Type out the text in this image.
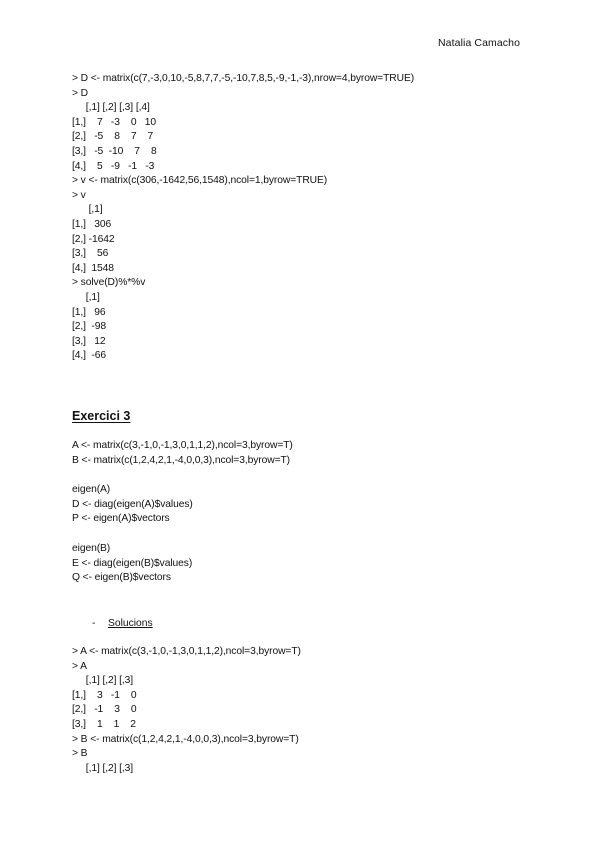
Natalia Camacho
> D <- matrix(c(7,-3,0,10,-5,8,7,7,-5,-10,7,8,5,-9,-1,-3),nrow=4,byrow=TRUE)
> D
[,1] [,2] [,3] [,4]
[1,]    7   -3    0   10
[2,]   -5    8    7    7
[3,]   -5  -10    7    8
[4,]    5   -9   -1   -3
> v <- matrix(c(306,-1642,56,1548),ncol=1,byrow=TRUE)
> v
[,1]
[1,]   306
[2,] -1642
[3,]    56
[4,]  1548
> solve(D)%*%v
[,1]
[1,]   96
[2,]  -98
[3,]   12
[4,]  -66
Exercici 3
A <- matrix(c(3,-1,0,-1,3,0,1,1,2),ncol=3,byrow=T)
B <- matrix(c(1,2,4,2,1,-4,0,0,3),ncol=3,byrow=T)
eigen(A)
D <- diag(eigen(A)$values)
P <- eigen(A)$vectors
eigen(B)
E <- diag(eigen(B)$values)
Q <- eigen(B)$vectors
- Solucions
> A <- matrix(c(3,-1,0,-1,3,0,1,1,2),ncol=3,byrow=T)
> A
[,1] [,2] [,3]
[1,]    3   -1    0
[2,]   -1    3    0
[3,]    1    1    2
> B <- matrix(c(1,2,4,2,1,-4,0,0,3),ncol=3,byrow=T)
> B
[,1] [,2] [,3]
